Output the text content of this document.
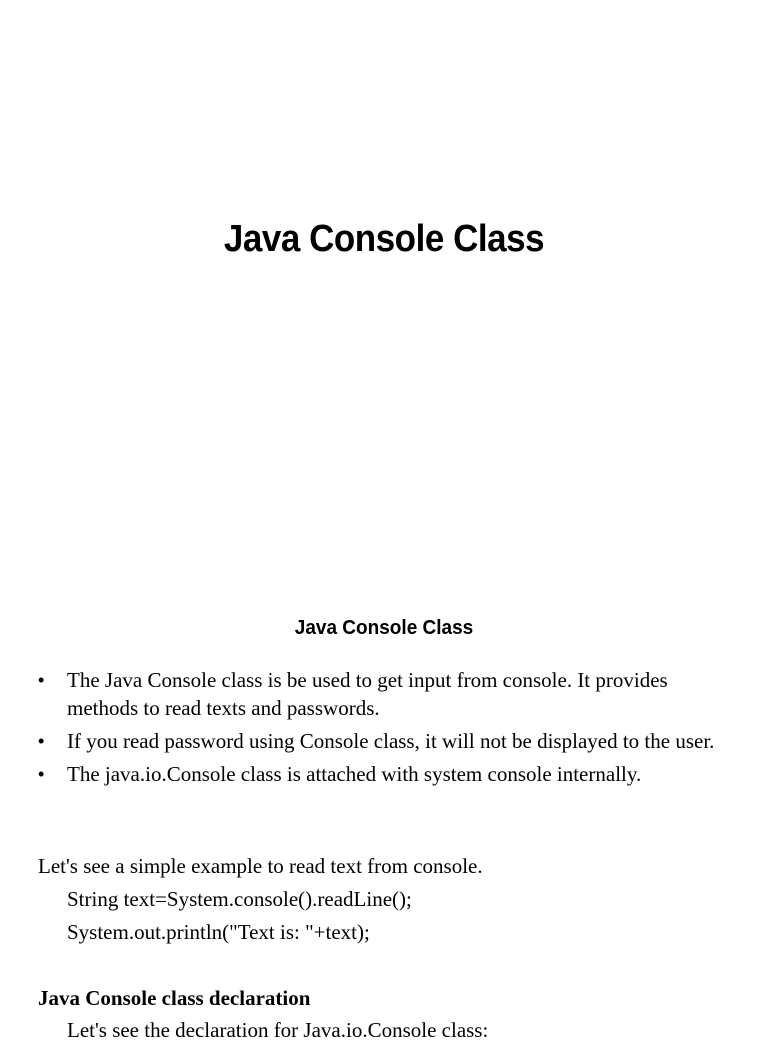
Java Console Class
Java Console Class
• The Java Console class is be used to get input from console. It provides methods to read texts and passwords.
• If you read password using Console class, it will not be displayed to the user.
• The java.io.Console class is attached with system console internally.
Let's see a simple example to read text from console.
String text=System.console().readLine();
System.out.println("Text is: "+text);
Java Console class declaration
Let's see the declaration for Java.io.Console class:
